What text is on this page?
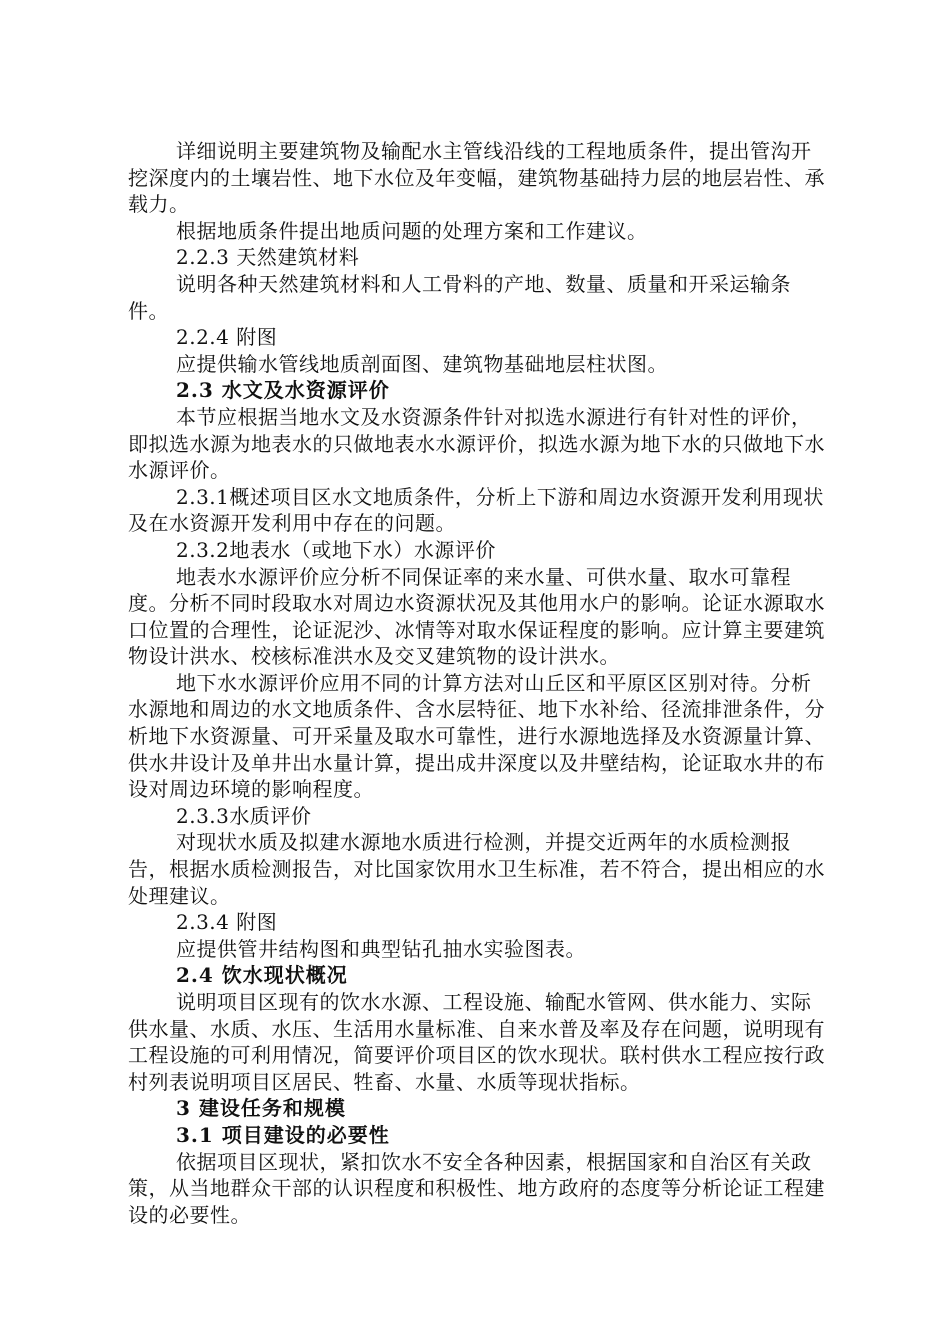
详细说明主要建筑物及输配水主管线沿线的工程地质条件，提出管沟开挖深度内的土壤岩性、地下水位及年变幅，建筑物基础持力层的地层岩性、承载力。

根据地质条件提出地质问题的处理方案和工作建议。

2.2.3 天然建筑材料

说明各种天然建筑材料和人工骨料的产地、数量、质量和开采运输条件。

2.2.4 附图

应提供输水管线地质剖面图、建筑物基础地层柱状图。

2.3 水文及水资源评价

本节应根据当地水文及水资源条件针对拟选水源进行有针对性的评价，即拟选水源为地表水的只做地表水水源评价，拟选水源为地下水的只做地下水水源评价。

2.3.1概述项目区水文地质条件，分析上下游和周边水资源开发利用现状及在水资源开发利用中存在的问题。

2.3.2地表水（或地下水）水源评价

地表水水源评价应分析不同保证率的来水量、可供水量、取水可靠程度。分析不同时段取水对周边水资源状况及其他用水户的影响。论证水源取水口位置的合理性，论证泥沙、冰情等对取水保证程度的影响。应计算主要建筑物设计洪水、校核标准洪水及交叉建筑物的设计洪水。

地下水水源评价应用不同的计算方法对山丘区和平原区区别对待。分析水源地和周边的水文地质条件、含水层特征、地下水补给、径流排泄条件，分析地下水资源量、可开采量及取水可靠性，进行水源地选择及水资源量计算、供水井设计及单井出水量计算，提出成井深度以及井壁结构，论证取水井的布设对周边环境的影响程度。

2.3.3水质评价

对现状水质及拟建水源地水质进行检测，并提交近两年的水质检测报告，根据水质检测报告，对比国家饮用水卫生标准，若不符合，提出相应的水处理建议。

2.3.4 附图

应提供管井结构图和典型钻孔抽水实验图表。

2.4 饮水现状概况

说明项目区现有的饮水水源、工程设施、输配水管网、供水能力、实际供水量、水质、水压、生活用水量标准、自来水普及率及存在问题，说明现有工程设施的可利用情况，简要评价项目区的饮水现状。联村供水工程应按行政村列表说明项目区居民、牲畜、水量、水质等现状指标。

3 建设任务和规模

3.1 项目建设的必要性

依据项目区现状，紧扣饮水不安全各种因素，根据国家和自治区有关政策，从当地群众干部的认识程度和积极性、地方政府的态度等分析论证工程建设的必要性。
